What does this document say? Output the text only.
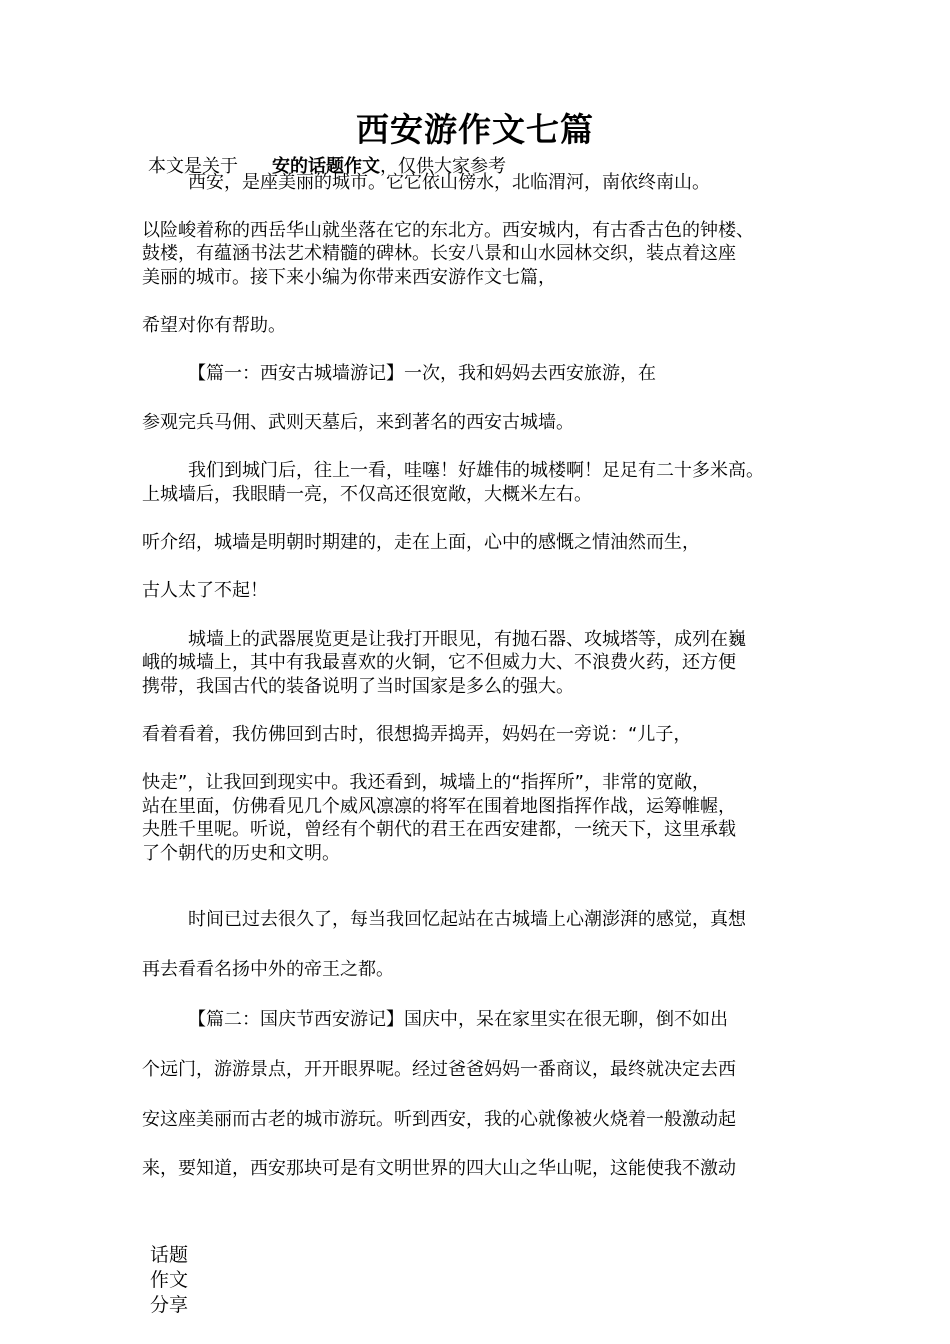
西安游作文七篇
本文是关于 安的话题作文，仅供大家参考
西安，是座美丽的城市。它它依山傍水，北临渭河，南依终南山。
以险峻着称的西岳华山就坐落在它的东北方。西安城内，有古香古色的钟楼、
鼓楼，有蕴涵书法艺术精髓的碑林。长安八景和山水园林交织，装点着这座
美丽的城市。接下来小编为你带来西安游作文七篇，
希望对你有帮助。
【篇一：西安古城墙游记】一次，我和妈妈去西安旅游，在
参观完兵马佣、武则天墓后，来到著名的西安古城墙。
我们到城门后，往上一看，哇噻！好雄伟的城楼啊！足足有二十多米高。
上城墙后，我眼睛一亮，不仅高还很宽敞，大概米左右。
听介绍，城墙是明朝时期建的，走在上面，心中的感慨之情油然而生，
古人太了不起！
城墙上的武器展览更是让我打开眼见，有抛石器、攻城塔等，成列在巍
峨的城墙上，其中有我最喜欢的火铜，它不但威力大、不浪费火药，还方便
携带，我国古代的装备说明了当时国家是多么的强大。
看着看着，我仿佛回到古时，很想捣弄捣弄，妈妈在一旁说：“儿子，
快走”，让我回到现实中。我还看到，城墙上的“指挥所”，非常的宽敞，
站在里面，仿佛看见几个威风凛凛的将军在围着地图指挥作战，运筹帷幄，
夬胜千里呢。听说，曾经有个朝代的君王在西安建都，一统天下，这里承载
了个朝代的历史和文明。
时间已过去很久了，每当我回忆起站在古城墙上心潮澎湃的感觉，真想
再去看看名扬中外的帝王之都。
【篇二：国庆节西安游记】国庆中，呆在家里实在很无聊，倒不如出
个远门，游游景点，开开眼界呢。经过爸爸妈妈一番商议，最终就决定去西
安这座美丽而古老的城市游玩。听到西安，我的心就像被火烧着一般激动起
来，要知道，西安那块可是有文明世界的四大山之华山呢，这能使我不激动
话题
作文
分享
